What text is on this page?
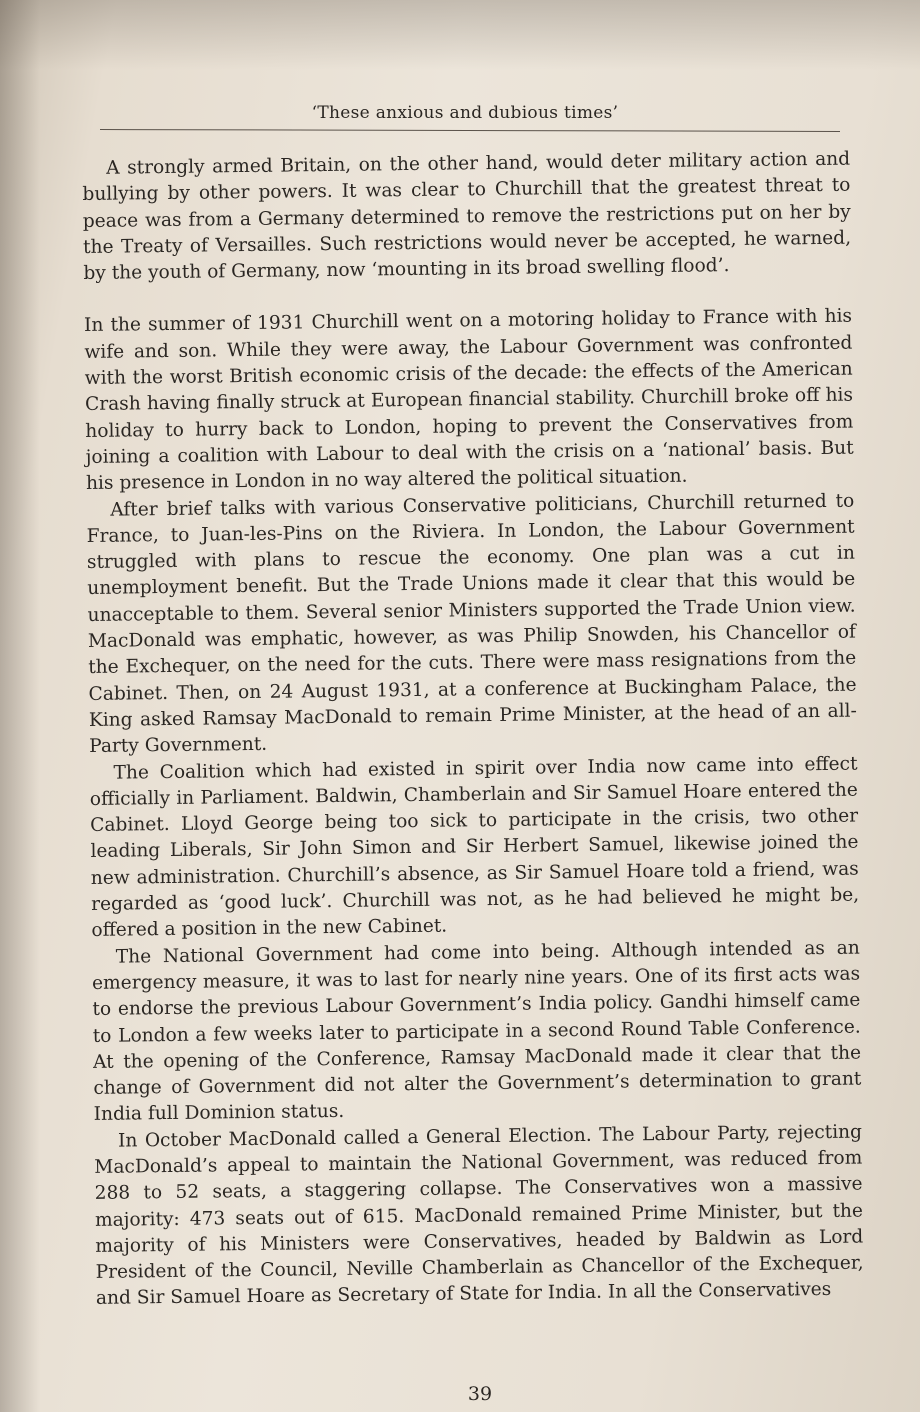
‘These anxious and dubious times’

A strongly armed Britain, on the other hand, would deter military action and bullying by other powers. It was clear to Churchill that the greatest threat to peace was from a Germany determined to remove the restrictions put on her by the Treaty of Versailles. Such restrictions would never be accepted, he warned, by the youth of Germany, now ‘mounting in its broad swelling flood’.

In the summer of 1931 Churchill went on a motoring holiday to France with his wife and son. While they were away, the Labour Government was confronted with the worst British economic crisis of the decade: the effects of the American Crash having finally struck at European financial stability. Churchill broke off his holiday to hurry back to London, hoping to prevent the Conservatives from joining a coalition with Labour to deal with the crisis on a ‘national’ basis. But his presence in London in no way altered the political situation.

After brief talks with various Conservative politicians, Churchill returned to France, to Juan-les-Pins on the Riviera. In London, the Labour Government struggled with plans to rescue the economy. One plan was a cut in unemployment benefit. But the Trade Unions made it clear that this would be unacceptable to them. Several senior Ministers supported the Trade Union view. MacDonald was emphatic, however, as was Philip Snowden, his Chancellor of the Exchequer, on the need for the cuts. There were mass resignations from the Cabinet. Then, on 24 August 1931, at a conference at Buckingham Palace, the King asked Ramsay MacDonald to remain Prime Minister, at the head of an all-Party Government.

The Coalition which had existed in spirit over India now came into effect officially in Parliament. Baldwin, Chamberlain and Sir Samuel Hoare entered the Cabinet. Lloyd George being too sick to participate in the crisis, two other leading Liberals, Sir John Simon and Sir Herbert Samuel, likewise joined the new administration. Churchill’s absence, as Sir Samuel Hoare told a friend, was regarded as ‘good luck’. Churchill was not, as he had believed he might be, offered a position in the new Cabinet.

The National Government had come into being. Although intended as an emergency measure, it was to last for nearly nine years. One of its first acts was to endorse the previous Labour Government’s India policy. Gandhi himself came to London a few weeks later to participate in a second Round Table Conference. At the opening of the Conference, Ramsay MacDonald made it clear that the change of Government did not alter the Government’s determination to grant India full Dominion status.

In October MacDonald called a General Election. The Labour Party, rejecting MacDonald’s appeal to maintain the National Government, was reduced from 288 to 52 seats, a staggering collapse. The Conservatives won a massive majority: 473 seats out of 615. MacDonald remained Prime Minister, but the majority of his Ministers were Conservatives, headed by Baldwin as Lord President of the Council, Neville Chamberlain as Chancellor of the Exchequer, and Sir Samuel Hoare as Secretary of State for India. In all the Conservatives

39
